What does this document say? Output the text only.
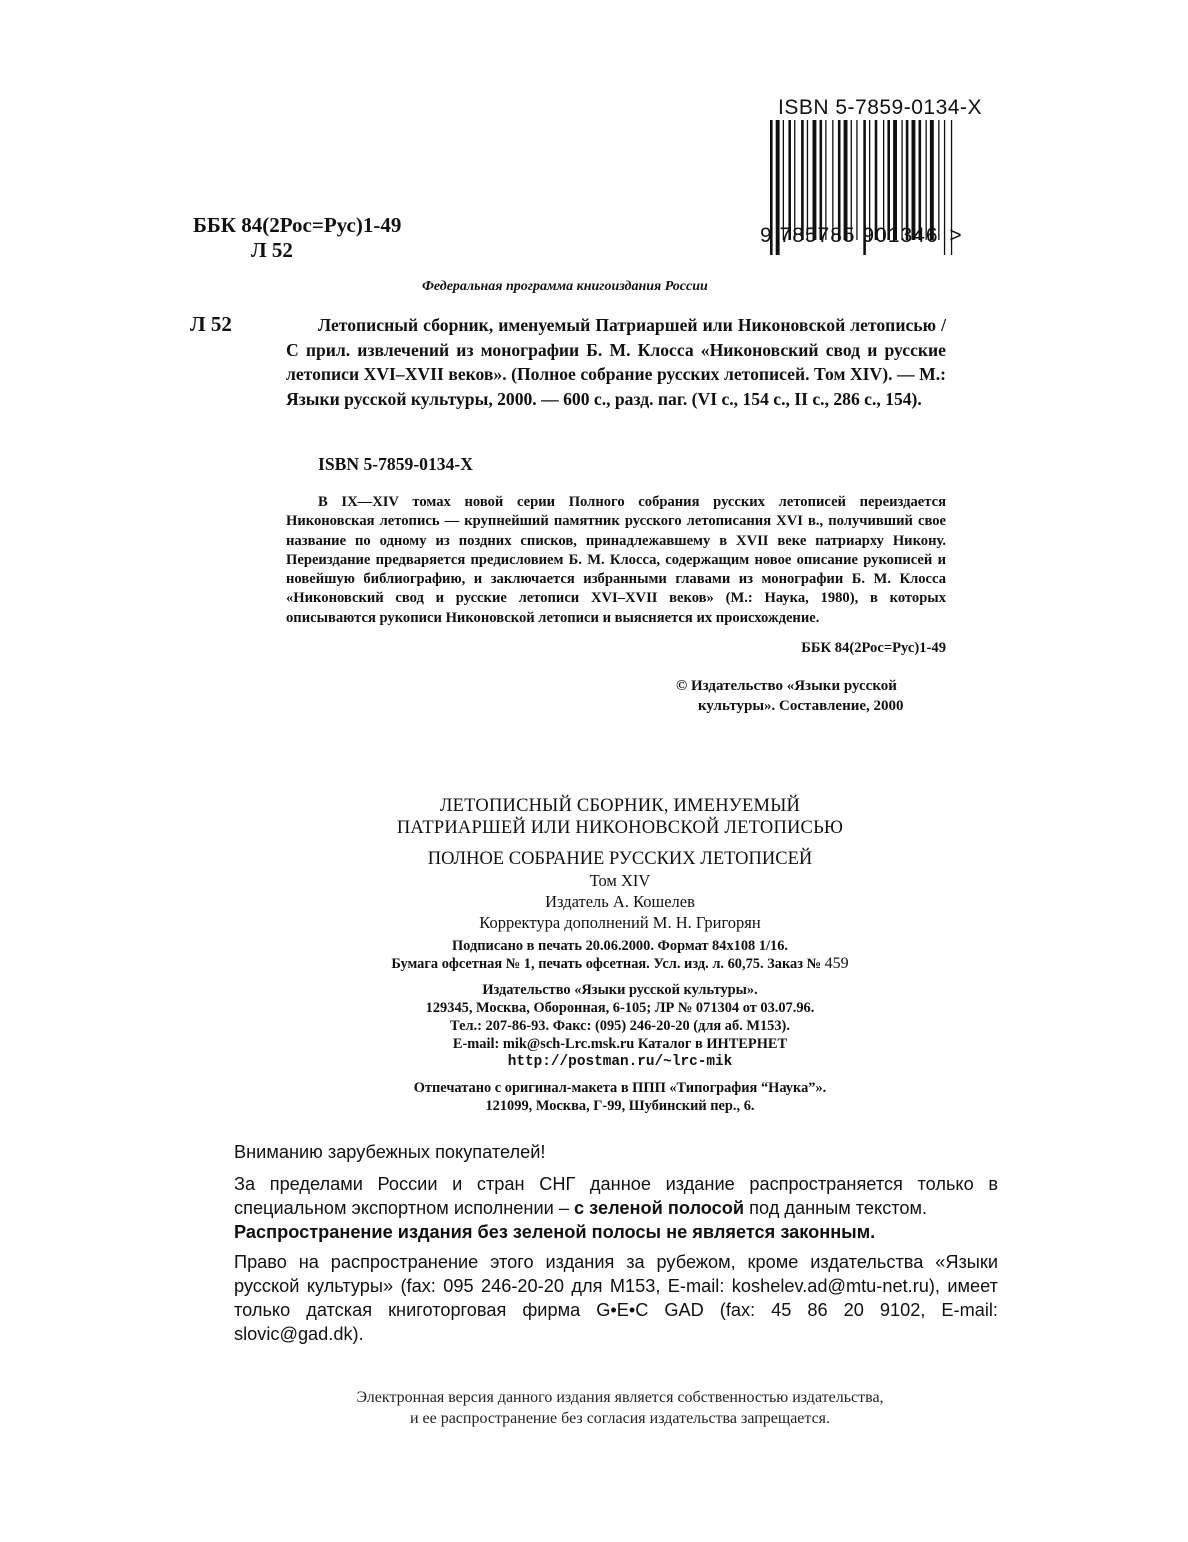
ISBN 5-7859-0134-X
9 785785 901346 >
ББК 84(2Рос=Рус)1-49
Л 52
Федеральная программа книгоиздания России
Л 52	Летописный сборник, именуемый Патриаршей или Никоновской летописью / С прил. извлечений из монографии Б. М. Клосса «Никоновский свод и русские летописи XVI–XVII веков». (Полное собрание русских летописей. Том XIV). — М.: Языки русской культуры, 2000. — 600 с., разд. паг. (VI с., 154 с., II с., 286 с., 154).
ISBN 5-7859-0134-X
В IX—XIV томах новой серии Полного собрания русских летописей переиздается Никоновская летопись — крупнейший памятник русского летописания XVI в., получивший свое название по одному из поздних списков, принадлежавшему в XVII веке патриарху Никону. Переиздание предваряется предисловием Б. М. Клосса, содержащим новое описание рукописей и новейшую библиографию, и заключается избранными главами из монографии Б. М. Клосса «Никоновский свод и русские летописи XVI–XVII веков» (М.: Наука, 1980), в которых описываются рукописи Никоновской летописи и выясняется их происхождение.
ББК 84(2Рос=Рус)1-49
© Издательство «Языки русской
культуры». Составление, 2000
ЛЕТОПИСНЫЙ СБОРНИК, ИМЕНУЕМЫЙ
ПАТРИАРШЕЙ ИЛИ НИКОНОВСКОЙ ЛЕТОПИСЬЮ
ПОЛНОЕ СОБРАНИЕ РУССКИХ ЛЕТОПИСЕЙ
Том XIV
Издатель А. Кошелев
Корректура дополнений М. Н. Григорян
Подписано в печать 20.06.2000. Формат 84x108 1/16.
Бумага офсетная № 1, печать офсетная. Усл. изд. л. 60,75. Заказ № 459
Издательство «Языки русской культуры».
129345, Москва, Оборонная, 6-105; ЛР № 071304 от 03.07.96.
Тел.: 207-86-93. Факс: (095) 246-20-20 (для аб. М153).
E-mail: mik@sch-Lrc.msk.ru Каталог в ИНТЕРНЕТ
http://postman.ru/~lrc-mik
Отпечатано с оригинал-макета в ППП «Типография “Наука”».
121099, Москва, Г-99, Шубинский пер., 6.
Вниманию зарубежных покупателей!
За пределами России и стран СНГ данное издание распространяется только в специальном экспортном исполнении – с зеленой полосой под данным текстом.
Распространение издания без зеленой полосы не является законным.
Право на распространение этого издания за рубежом, кроме издательства «Языки русской культуры» (fax: 095 246-20-20 для М153, E-mail: koshelev.ad@mtu-net.ru), имеет только датская книготорговая фирма G•E•C GAD (fax: 45 86 20 9102, E-mail: slovic@gad.dk).
Электронная версия данного издания является собственностью издательства,
и ее распространение без согласия издательства запрещается.
